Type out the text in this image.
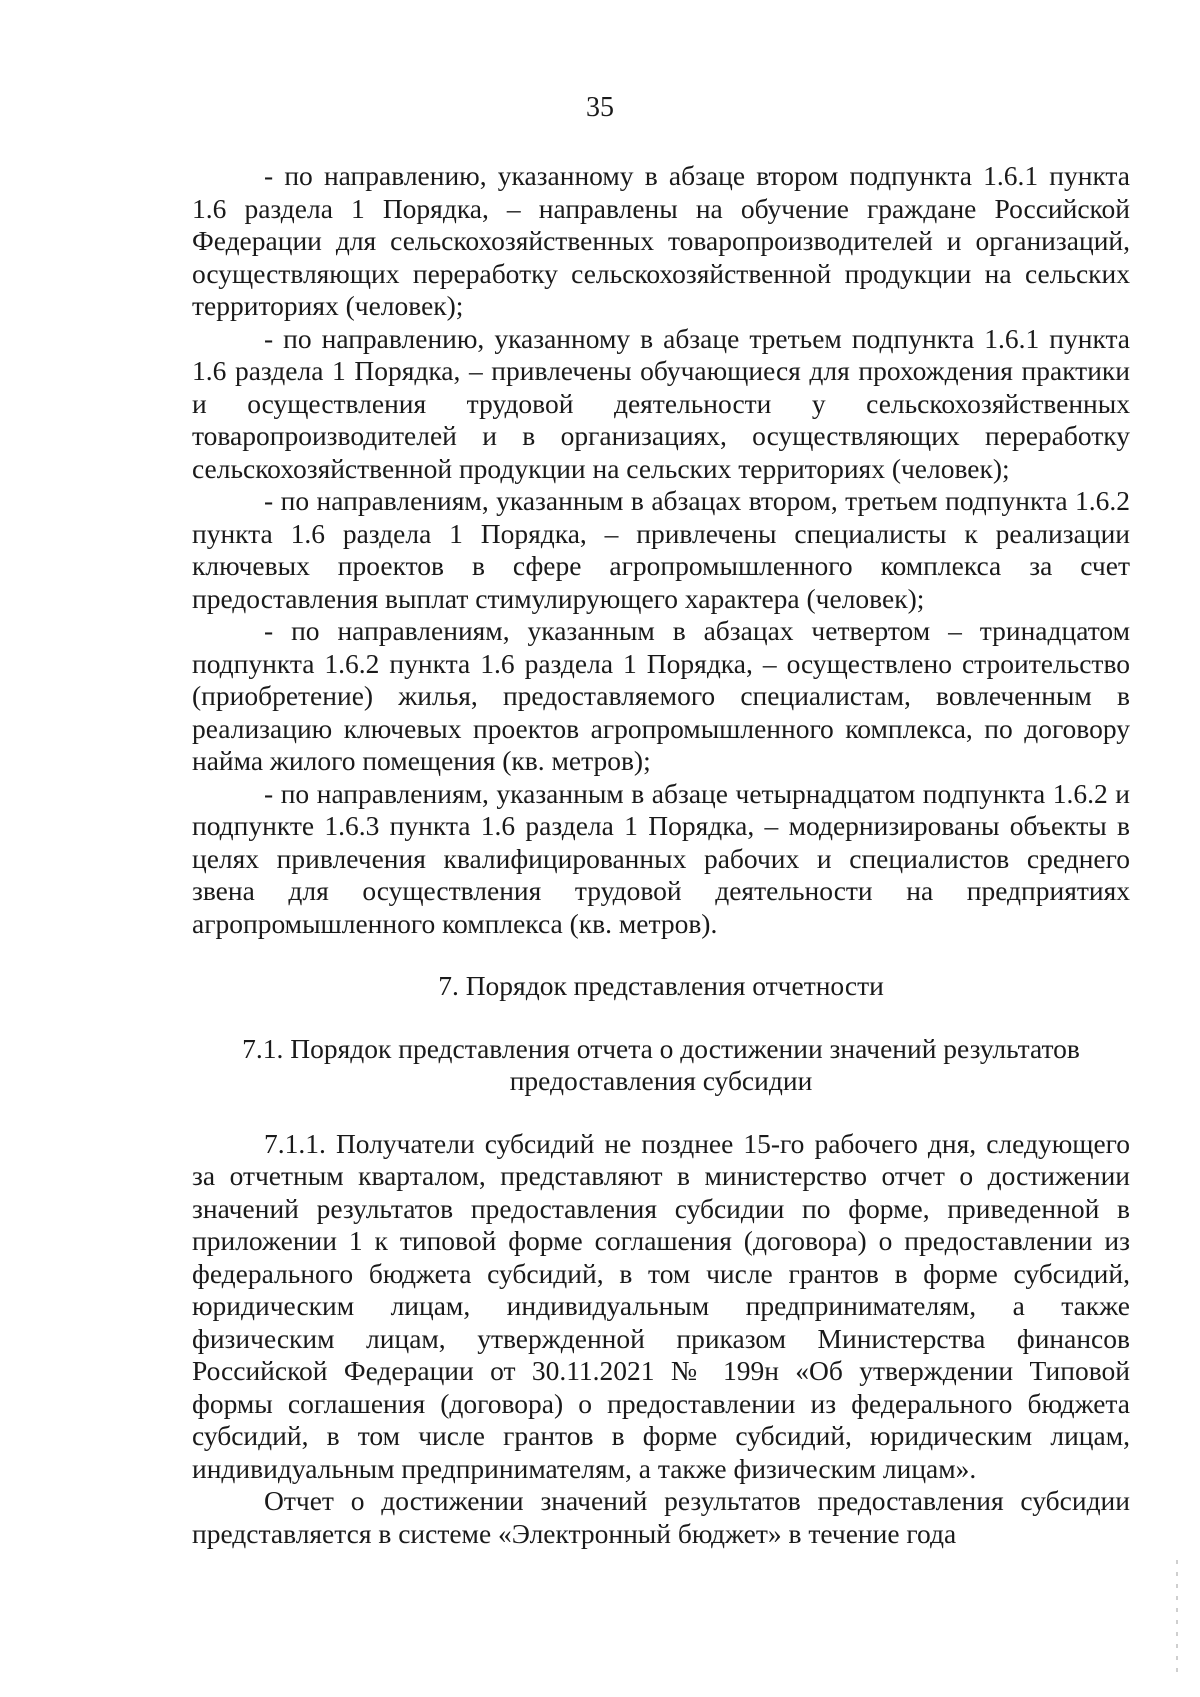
35

- по направлению, указанному в абзаце втором подпункта 1.6.1 пункта 1.6 раздела 1 Порядка, – направлены на обучение граждане Российской Федерации для сельскохозяйственных товаропроизводителей и организаций, осуществляющих переработку сельскохозяйственной продукции на сельских территориях (человек);

- по направлению, указанному в абзаце третьем подпункта 1.6.1 пункта 1.6 раздела 1 Порядка, – привлечены обучающиеся для прохождения практики и осуществления трудовой деятельности у сельскохозяйственных товаропроизводителей и в организациях, осуществляющих переработку сельскохозяйственной продукции на сельских территориях (человек);

- по направлениям, указанным в абзацах втором, третьем подпункта 1.6.2 пункта 1.6 раздела 1 Порядка, – привлечены специалисты к реализации ключевых проектов в сфере агропромышленного комплекса за счет предоставления выплат стимулирующего характера (человек);

- по направлениям, указанным в абзацах четвертом – тринадцатом подпункта 1.6.2 пункта 1.6 раздела 1 Порядка, – осуществлено строительство (приобретение) жилья, предоставляемого специалистам, вовлеченным в реализацию ключевых проектов агропромышленного комплекса, по договору найма жилого помещения (кв. метров);

- по направлениям, указанным в абзаце четырнадцатом подпункта 1.6.2 и подпункте 1.6.3 пункта 1.6 раздела 1 Порядка, – модернизированы объекты в целях привлечения квалифицированных рабочих и специалистов среднего звена для осуществления трудовой деятельности на предприятиях агропромышленного комплекса (кв. метров).

7. Порядок представления отчетности

7.1. Порядок представления отчета о достижении значений результатов предоставления субсидии

7.1.1. Получатели субсидий не позднее 15-го рабочего дня, следующего за отчетным кварталом, представляют в министерство отчет о достижении значений результатов предоставления субсидии по форме, приведенной в приложении 1 к типовой форме соглашения (договора) о предоставлении из федерального бюджета субсидий, в том числе грантов в форме субсидий, юридическим лицам, индивидуальным предпринимателям, а также физическим лицам, утвержденной приказом Министерства финансов Российской Федерации от 30.11.2021 № 199н «Об утверждении Типовой формы соглашения (договора) о предоставлении из федерального бюджета субсидий, в том числе грантов в форме субсидий, юридическим лицам, индивидуальным предпринимателям, а также физическим лицам».

Отчет о достижении значений результатов предоставления субсидии представляется в системе «Электронный бюджет» в течение года
